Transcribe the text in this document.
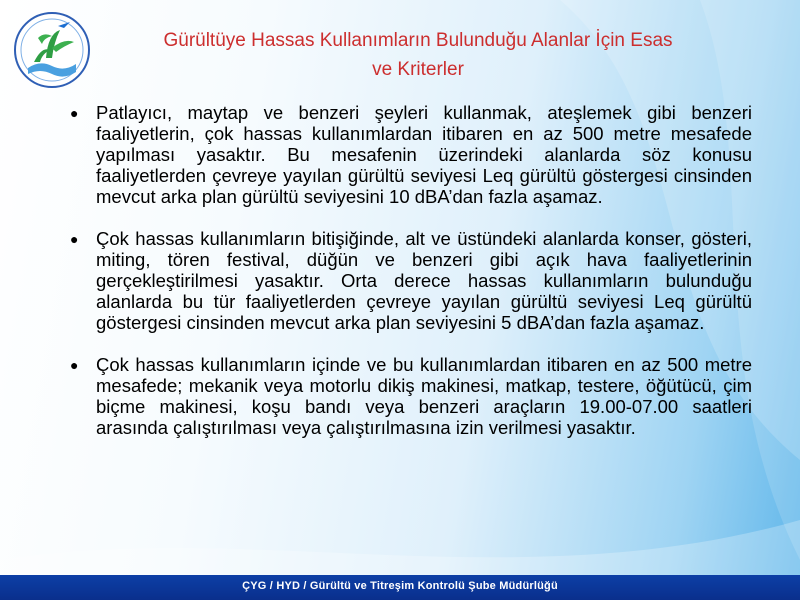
Gürültüye Hassas Kullanımların Bulunduğu Alanlar İçin Esas
ve Kriterler
● Patlayıcı, maytap ve benzeri şeyleri kullanmak, ateşlemek gibi benzeri faaliyetlerin, çok hassas kullanımlardan itibaren en az 500 metre mesafede yapılması yasaktır. Bu mesafenin üzerindeki alanlarda söz konusu faaliyetlerden çevreye yayılan gürültü seviyesi Leq gürültü göstergesi cinsinden mevcut arka plan gürültü seviyesini 10 dBA’dan fazla aşamaz.
● Çok hassas kullanımların bitişiğinde, alt ve üstündeki alanlarda konser, gösteri, miting, tören festival, düğün ve benzeri gibi açık hava faaliyetlerinin gerçekleştirilmesi yasaktır. Orta derece hassas kullanımların bulunduğu alanlarda bu tür faaliyetlerden çevreye yayılan gürültü seviyesi Leq gürültü göstergesi cinsinden mevcut arka plan seviyesini 5 dBA’dan fazla aşamaz.
● Çok hassas kullanımların içinde ve bu kullanımlardan itibaren en az 500 metre mesafede; mekanik veya motorlu dikiş makinesi, matkap, testere, öğütücü, çim biçme makinesi, koşu bandı veya benzeri araçların 19.00-07.00 saatleri arasında çalıştırılması veya çalıştırılmasına izin verilmesi yasaktır.
ÇYG / HYD / Gürültü ve Titreşim Kontrolü Şube Müdürlüğü
